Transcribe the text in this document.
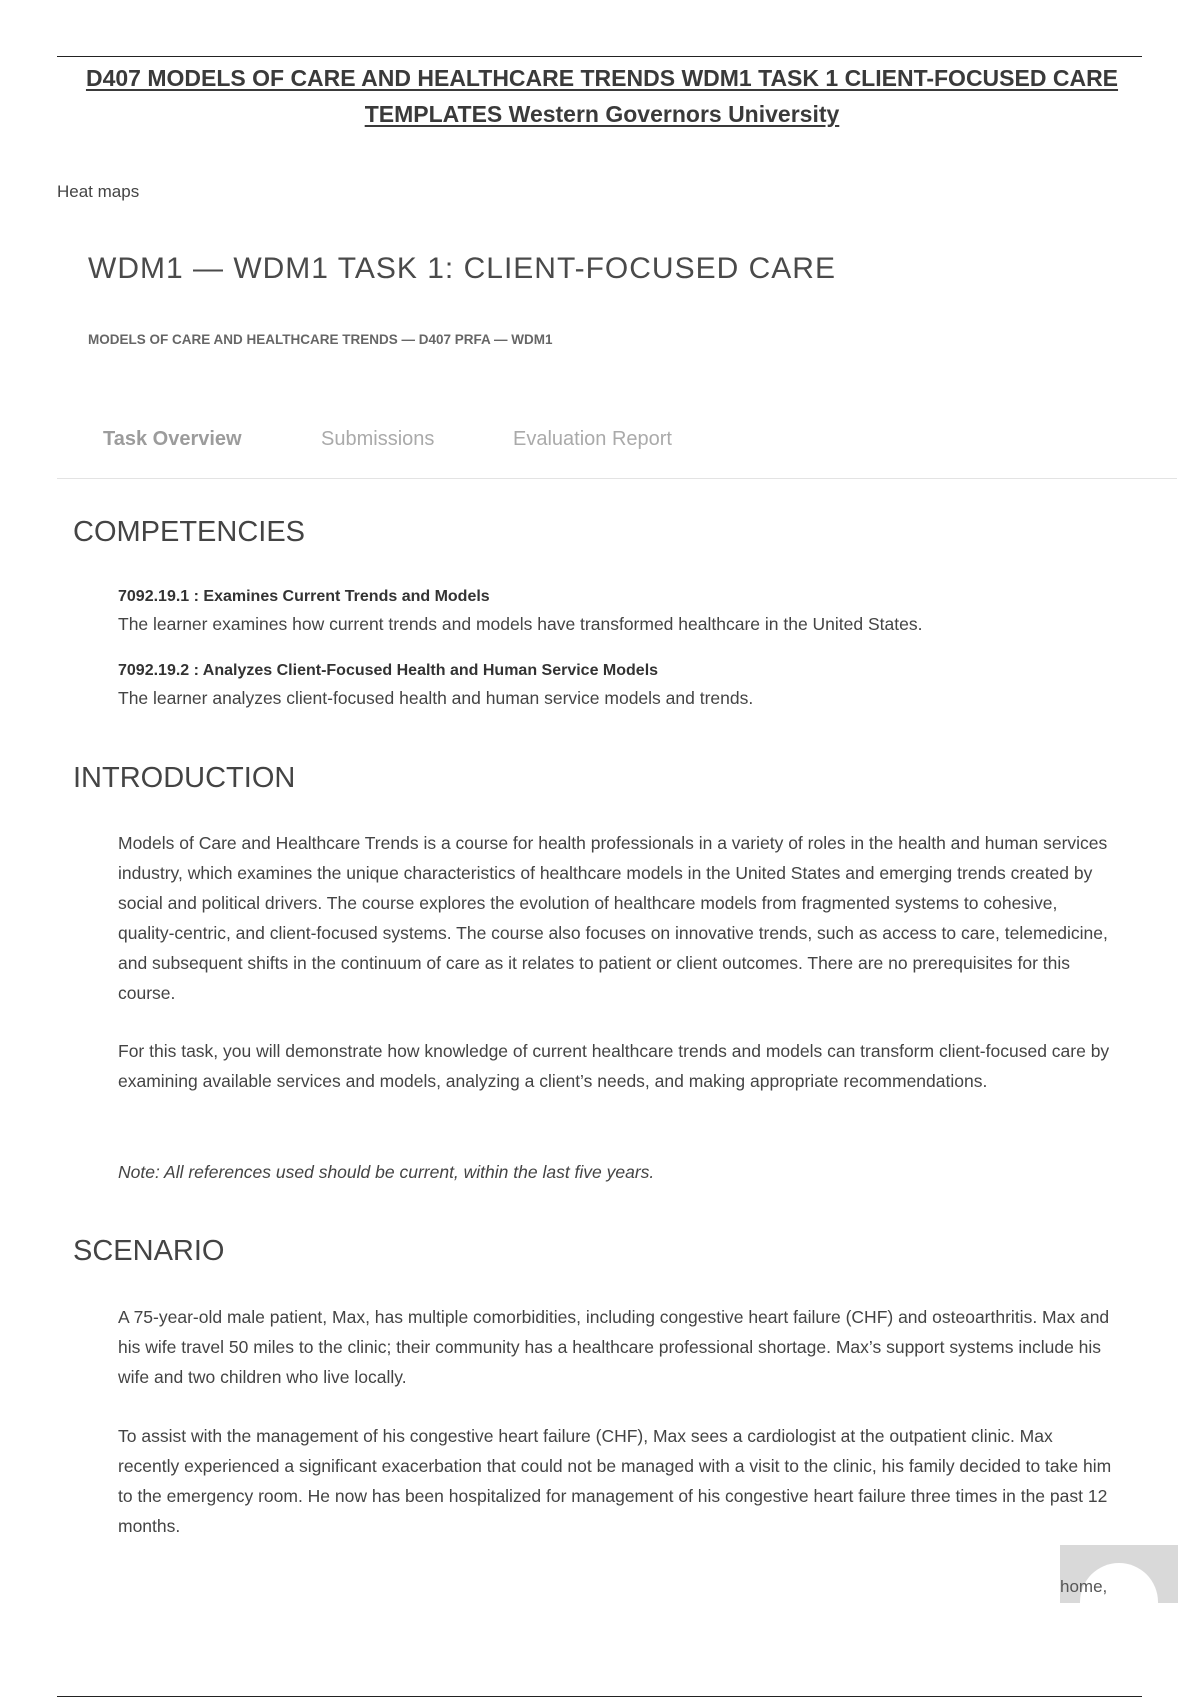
D407 MODELS OF CARE AND HEALTHCARE TRENDS WDM1 TASK 1 CLIENT-FOCUSED CARE TEMPLATES Western Governors University
Heat maps
WDM1 — WDM1 TASK 1: CLIENT-FOCUSED CARE
MODELS OF CARE AND HEALTHCARE TRENDS — D407 PRFA — WDM1
Task Overview	Submissions	Evaluation Report
COMPETENCIES
7092.19.1 : Examines Current Trends and Models
The learner examines how current trends and models have transformed healthcare in the United States.
7092.19.2 : Analyzes Client-Focused Health and Human Service Models
The learner analyzes client-focused health and human service models and trends.
INTRODUCTION
Models of Care and Healthcare Trends is a course for health professionals in a variety of roles in the health and human services industry, which examines the unique characteristics of healthcare models in the United States and emerging trends created by social and political drivers. The course explores the evolution of healthcare models from fragmented systems to cohesive, quality-centric, and client-focused systems. The course also focuses on innovative trends, such as access to care, telemedicine, and subsequent shifts in the continuum of care as it relates to patient or client outcomes. There are no prerequisites for this course.
For this task, you will demonstrate how knowledge of current healthcare trends and models can transform client-focused care by examining available services and models, analyzing a client’s needs, and making appropriate recommendations.
Note: All references used should be current, within the last five years.
SCENARIO
A 75-year-old male patient, Max, has multiple comorbidities, including congestive heart failure (CHF) and osteoarthritis. Max and his wife travel 50 miles to the clinic; their community has a healthcare professional shortage. Max’s support systems include his wife and two children who live locally.
To assist with the management of his congestive heart failure (CHF), Max sees a cardiologist at the outpatient clinic. Max recently experienced a significant exacerbation that could not be managed with a visit to the clinic, his family decided to take him to the emergency room. He now has been hospitalized for management of his congestive heart failure three times in the past 12 months.
home,
